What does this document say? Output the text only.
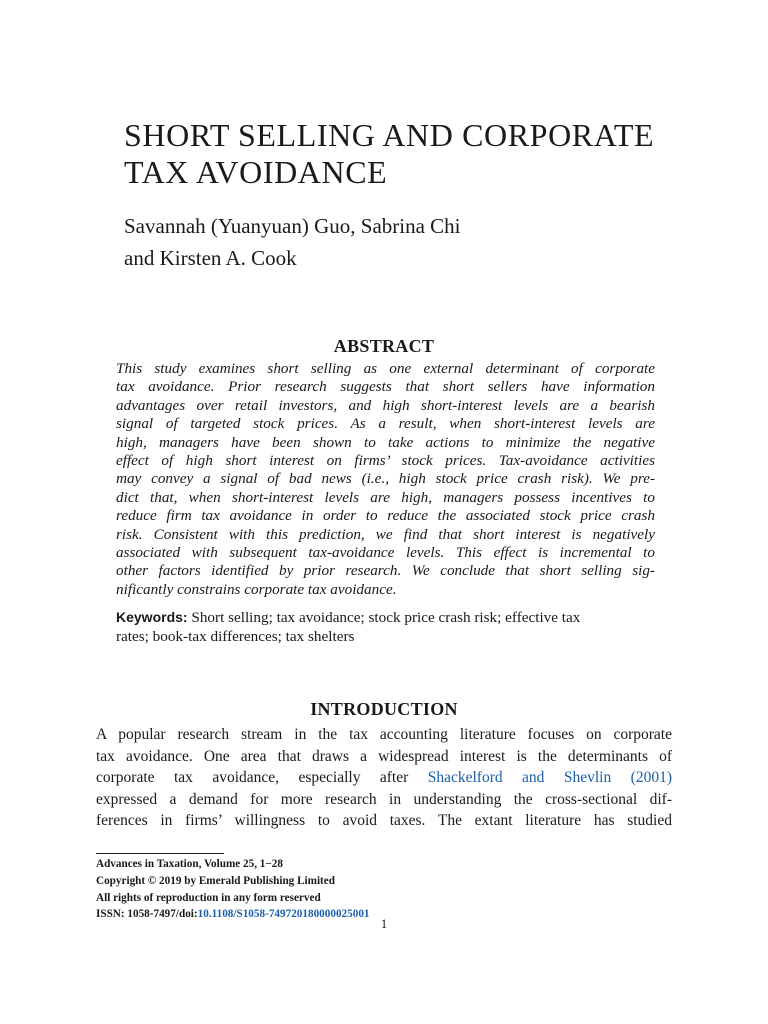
SHORT SELLING AND CORPORATE
TAX AVOIDANCE
Savannah (Yuanyuan) Guo, Sabrina Chi
and Kirsten A. Cook
ABSTRACT
This study examines short selling as one external determinant of corporate
tax avoidance. Prior research suggests that short sellers have information
advantages over retail investors, and high short-interest levels are a bearish
signal of targeted stock prices. As a result, when short-interest levels are
high, managers have been shown to take actions to minimize the negative
effect of high short interest on firms’ stock prices. Tax-avoidance activities
may convey a signal of bad news (i.e., high stock price crash risk). We pre-
dict that, when short-interest levels are high, managers possess incentives to
reduce firm tax avoidance in order to reduce the associated stock price crash
risk. Consistent with this prediction, we find that short interest is negatively
associated with subsequent tax-avoidance levels. This effect is incremental to
other factors identified by prior research. We conclude that short selling sig-
nificantly constrains corporate tax avoidance.
Keywords: Short selling; tax avoidance; stock price crash risk; effective tax
rates; book-tax differences; tax shelters
INTRODUCTION
A popular research stream in the tax accounting literature focuses on corporate
tax avoidance. One area that draws a widespread interest is the determinants of
corporate tax avoidance, especially after Shackelford and Shevlin (2001)
expressed a demand for more research in understanding the cross-sectional dif-
ferences in firms’ willingness to avoid taxes. The extant literature has studied
Advances in Taxation, Volume 25, 1−28
Copyright © 2019 by Emerald Publishing Limited
All rights of reproduction in any form reserved
ISSN: 1058-7497/doi:10.1108/S1058-749720180000025001
1
